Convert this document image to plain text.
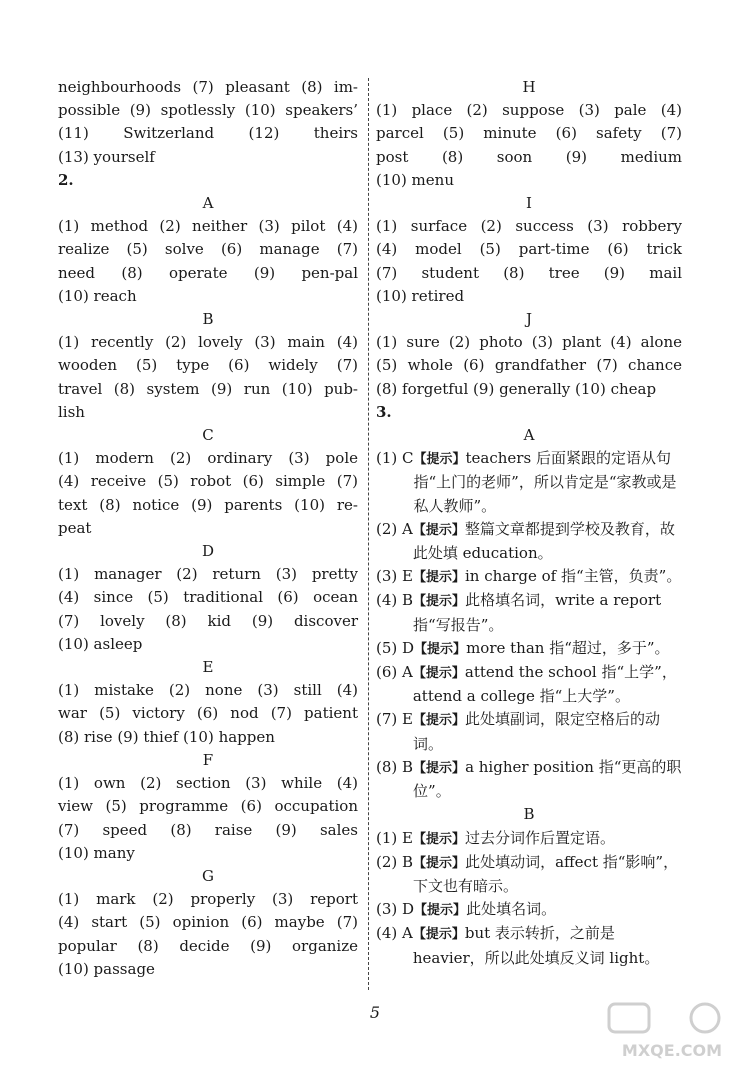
neighbourhoods (7) pleasant (8) im-
possible (9) spotlessly (10) speakers’
(11) Switzerland (12) theirs
(13) yourself
2.
A
(1) method (2) neither (3) pilot (4)
realize (5) solve (6) manage (7)
need (8) operate (9) pen-pal
(10) reach
B
(1) recently (2) lovely (3) main (4)
wooden (5) type (6) widely (7)
travel (8) system (9) run (10) pub-
lish
C
(1) modern (2) ordinary (3) pole
(4) receive (5) robot (6) simple (7)
text (8) notice (9) parents (10) re-
peat
D
(1) manager (2) return (3) pretty
(4) since (5) traditional (6) ocean
(7) lovely (8) kid (9) discover
(10) asleep
E
(1) mistake (2) none (3) still (4)
war (5) victory (6) nod (7) patient
(8) rise (9) thief (10) happen
F
(1) own (2) section (3) while (4)
view (5) programme (6) occupation
(7) speed (8) raise (9) sales
(10) many
G
(1) mark (2) properly (3) report
(4) start (5) opinion (6) maybe (7)
popular (8) decide (9) organize
(10) passage
H
(1) place (2) suppose (3) pale (4)
parcel (5) minute (6) safety (7)
post (8) soon (9) medium
(10) menu
I
(1) surface (2) success (3) robbery
(4) model (5) part-time (6) trick
(7) student (8) tree (9) mail
(10) retired
J
(1) sure (2) photo (3) plant (4) alone
(5) whole (6) grandfather (7) chance
(8) forgetful (9) generally (10) cheap
3.
A
(1) C 【提示】teachers 后面紧跟的定语从句指“上门的老师”，所以肯定是“家教或是私人教师”。
(2) A 【提示】整篇文章都提到学校及教育，故此处填 education。
(3) E 【提示】in charge of 指“主管，负责”。
(4) B 【提示】此格填名词，write a report 指“写报告”。
(5) D 【提示】more than 指“超过，多于”。
(6) A 【提示】attend the school 指“上学”，attend a college 指“上大学”。
(7) E 【提示】此处填副词，限定空格后的动词。
(8) B 【提示】a higher position 指“更高的职位”。
B
(1) E 【提示】过去分词作后置定语。
(2) B 【提示】此处填动词，affect 指“影响”，下文也有暗示。
(3) D 【提示】此处填名词。
(4) A 【提示】but 表示转折，之前是 heavier，所以此处填反义词 light。
5
MXQE.COM
